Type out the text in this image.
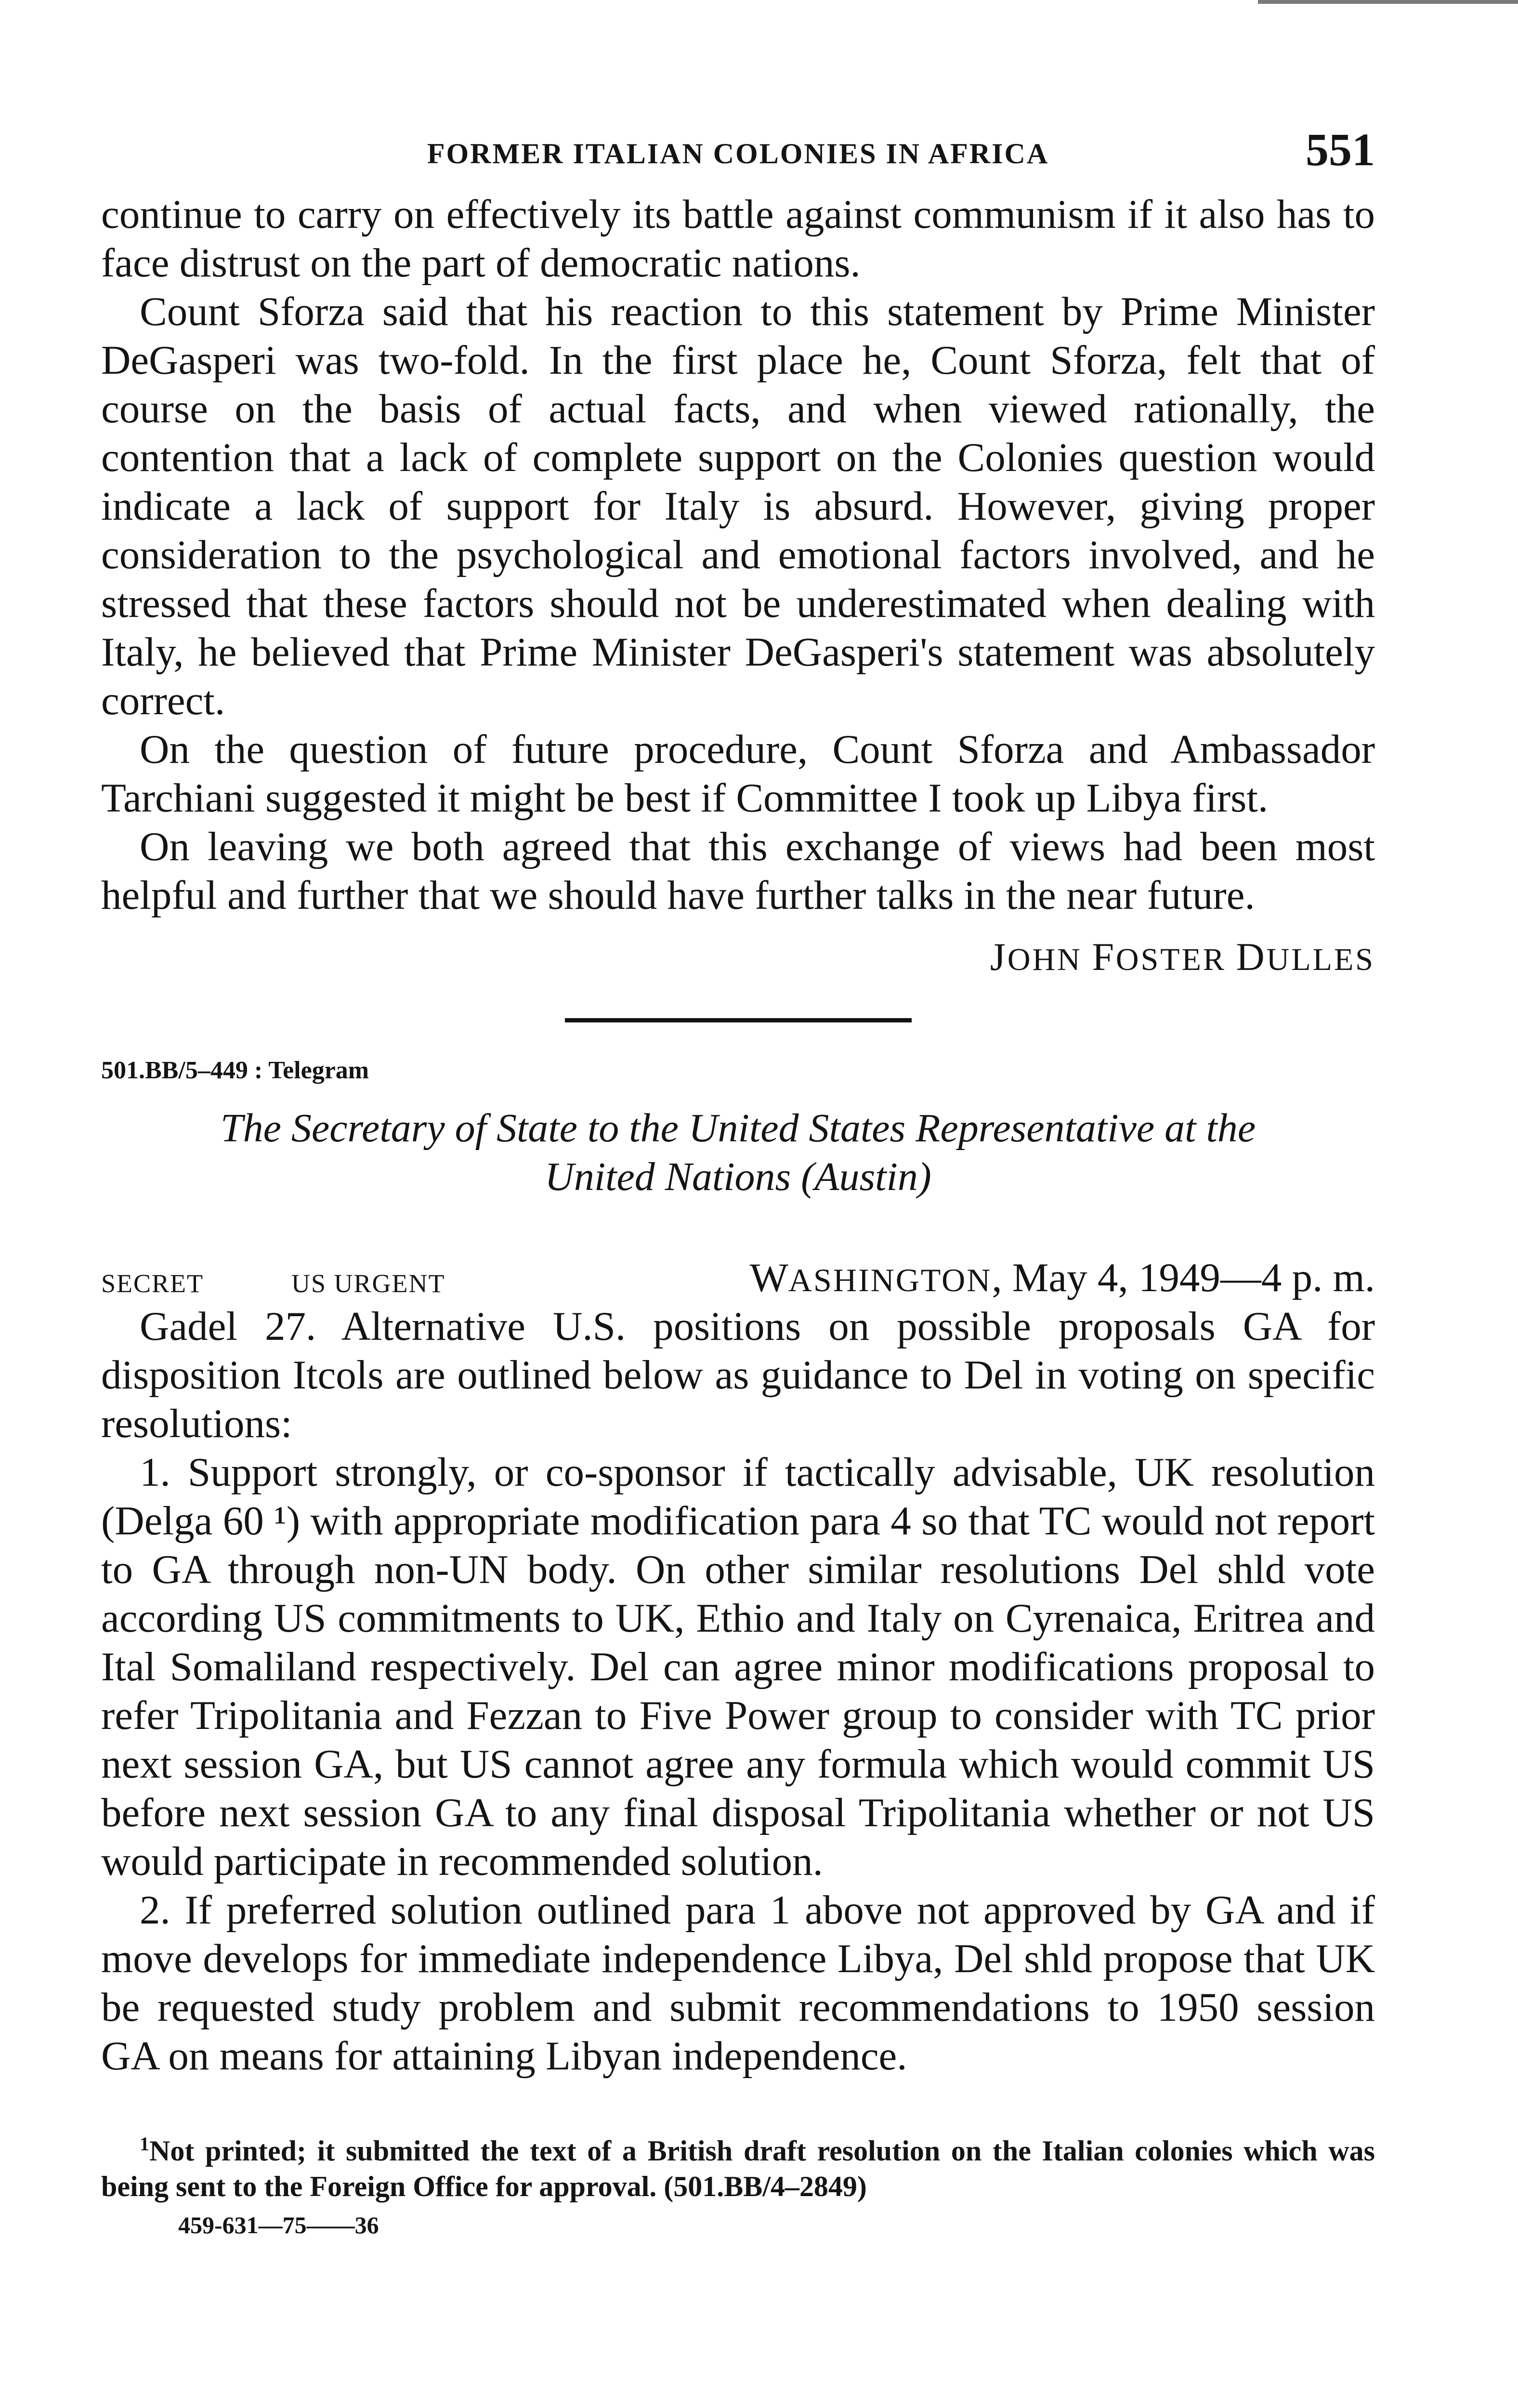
FORMER ITALIAN COLONIES IN AFRICA	551

continue to carry on effectively its battle against communism if it also has to face distrust on the part of democratic nations.

Count Sforza said that his reaction to this statement by Prime Minister DeGasperi was two-fold. In the first place he, Count Sforza, felt that of course on the basis of actual facts, and when viewed rationally, the contention that a lack of complete support on the Colonies question would indicate a lack of support for Italy is absurd. However, giving proper consideration to the psychological and emotional factors involved, and he stressed that these factors should not be underestimated when dealing with Italy, he believed that Prime Minister DeGasperi's statement was absolutely correct.

On the question of future procedure, Count Sforza and Ambassador Tarchiani suggested it might be best if Committee I took up Libya first.

On leaving we both agreed that this exchange of views had been most helpful and further that we should have further talks in the near future.

JOHN FOSTER DULLES
501.BB/5–449 : Telegram
The Secretary of State to the United States Representative at the
United Nations (Austin)
SECRET	US URGENT	WASHINGTON, May 4, 1949—4 p. m.

Gadel 27. Alternative U.S. positions on possible proposals GA for disposition Itcols are outlined below as guidance to Del in voting on specific resolutions:

1. Support strongly, or co-sponsor if tactically advisable, UK resolution (Delga 60 ¹) with appropriate modification para 4 so that TC would not report to GA through non-UN body. On other similar resolutions Del shld vote according US commitments to UK, Ethio and Italy on Cyrenaica, Eritrea and Ital Somaliland respectively. Del can agree minor modifications proposal to refer Tripolitania and Fezzan to Five Power group to consider with TC prior next session GA, but US cannot agree any formula which would commit US before next session GA to any final disposal Tripolitania whether or not US would participate in recommended solution.

2. If preferred solution outlined para 1 above not approved by GA and if move develops for immediate independence Libya, Del shld propose that UK be requested study problem and submit recommendations to 1950 session GA on means for attaining Libyan independence.

$^1$Not printed; it submitted the text of a British draft resolution on the Italian colonies which was being sent to the Foreign Office for approval. (501.BB/4–2849)

459-631—75——36
